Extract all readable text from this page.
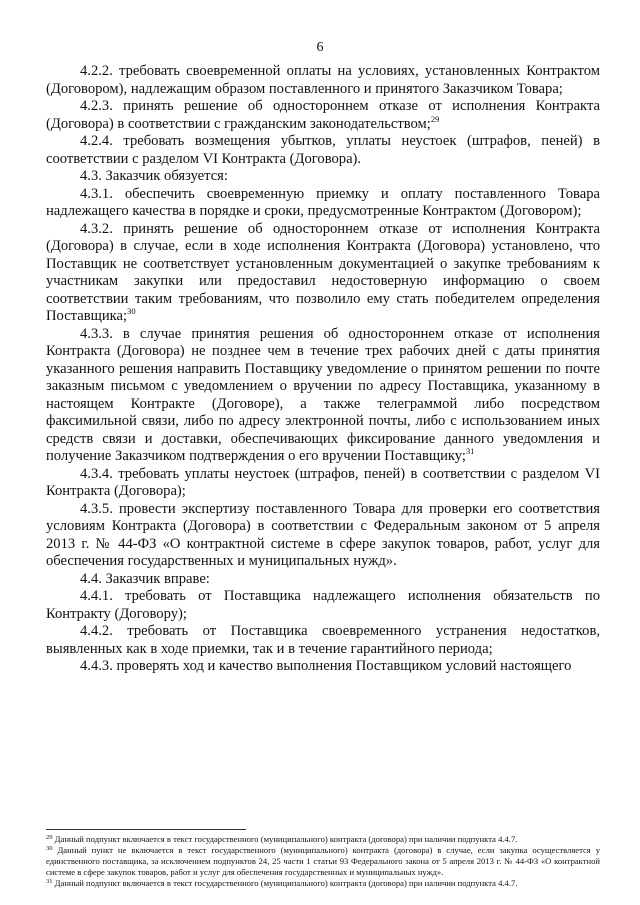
6

4.2.2. требовать своевременной оплаты на условиях, установленных Контрактом (Договором), надлежащим образом поставленного и принятого Заказчиком Товара;

4.2.3. принять решение об одностороннем отказе от исполнения Контракта (Договора) в соответствии с гражданским законодательством;$^{29}$

4.2.4. требовать возмещения убытков, уплаты неустоек (штрафов, пеней) в соответствии с разделом VI Контракта (Договора).

4.3. Заказчик обязуется:

4.3.1. обеспечить своевременную приемку и оплату поставленного Товара надлежащего качества в порядке и сроки, предусмотренные Контрактом (Договором);

4.3.2. принять решение об одностороннем отказе от исполнения Контракта (Договора) в случае, если в ходе исполнения Контракта (Договора) установлено, что Поставщик не соответствует установленным документацией о закупке требованиям к участникам закупки или предоставил недостоверную информацию о своем соответствии таким требованиям, что позволило ему стать победителем определения Поставщика;$^{30}$

4.3.3. в случае принятия решения об одностороннем отказе от исполнения Контракта (Договора) не позднее чем в течение трех рабочих дней с даты принятия указанного решения направить Поставщику уведомление о принятом решении по почте заказным письмом с уведомлением о вручении по адресу Поставщика, указанному в настоящем Контракте (Договоре), а также телеграммой либо посредством факсимильной связи, либо по адресу электронной почты, либо с использованием иных средств связи и доставки, обеспечивающих фиксирование данного уведомления и получение Заказчиком подтверждения о его вручении Поставщику;$^{31}$

4.3.4. требовать уплаты неустоек (штрафов, пеней) в соответствии с разделом VI Контракта (Договора);

4.3.5. провести экспертизу поставленного Товара для проверки его соответствия условиям Контракта (Договора) в соответствии с Федеральным законом от 5 апреля 2013 г. № 44-ФЗ «О контрактной системе в сфере закупок товаров, работ, услуг для обеспечения государственных и муниципальных нужд».

4.4. Заказчик вправе:

4.4.1. требовать от Поставщика надлежащего исполнения обязательств по Контракту (Договору);

4.4.2. требовать от Поставщика своевременного устранения недостатков, выявленных как в ходе приемки, так и в течение гарантийного периода;

4.4.3. проверять ход и качество выполнения Поставщиком условий настоящего

$^{29}$ Данный подпункт включается в текст государственного (муниципального) контракта (договора) при наличии подпункта 4.4.7.

$^{30}$ Данный пункт не включается в текст государственного (муниципального) контракта (договора) в случае, если закупка осуществляется у единственного поставщика, за исключением подпунктов 24, 25 части 1 статьи 93 Федерального закона от 5 апреля 2013 г. № 44-ФЗ «О контрактной системе в сфере закупок товаров, работ и услуг для обеспечения государственных и муниципальных нужд».

$^{31}$ Данный подпункт включается в текст государственного (муниципального) контракта (договора) при наличии подпункта 4.4.7.
